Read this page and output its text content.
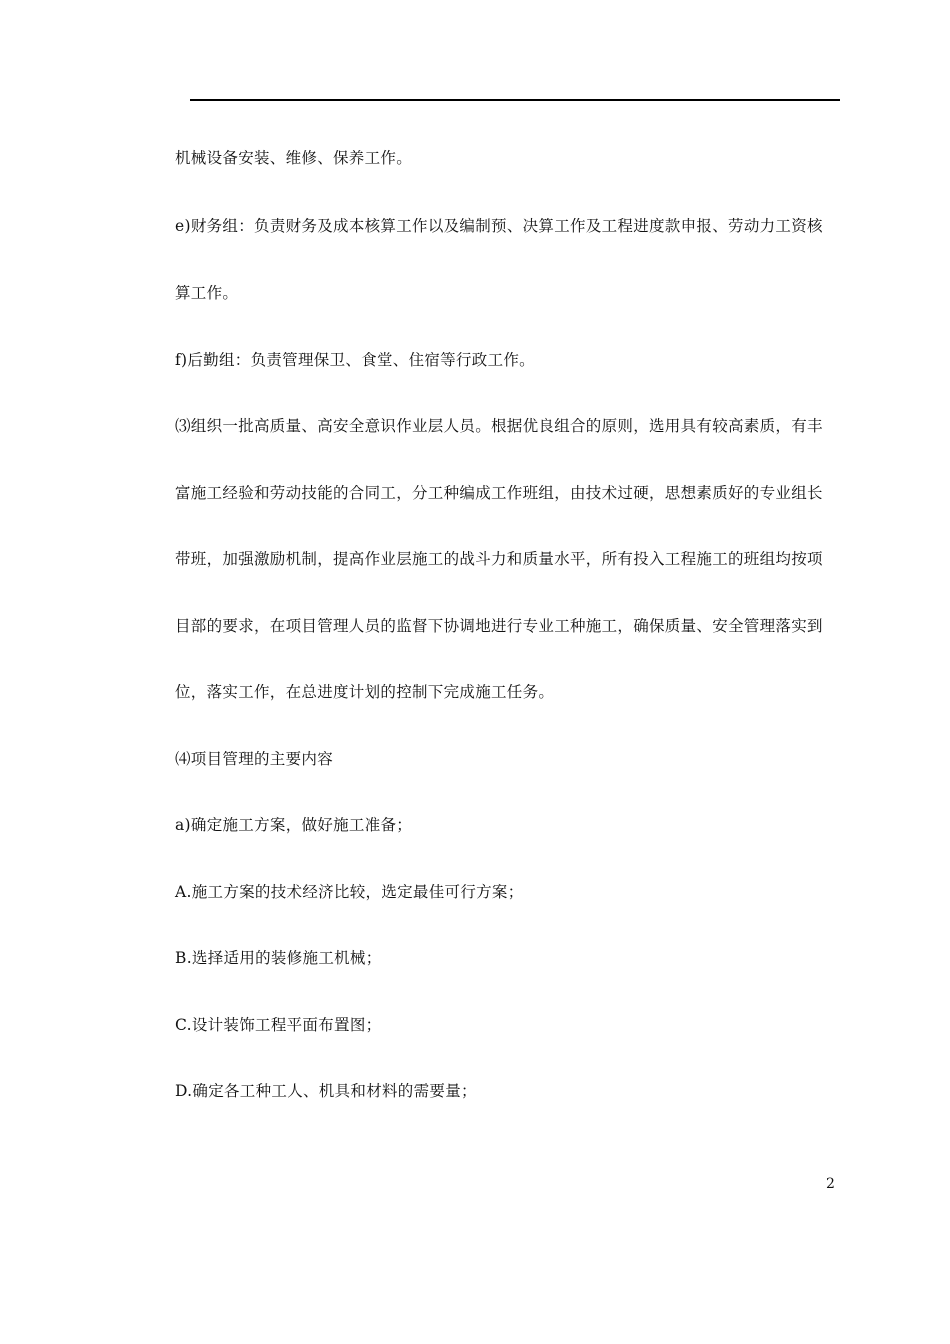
机械设备安装、维修、保养工作。
e)财务组：负责财务及成本核算工作以及编制预、决算工作及工程进度款申报、劳动力工资核
算工作。
f)后勤组：负责管理保卫、食堂、住宿等行政工作。
⑶组织一批高质量、高安全意识作业层人员。根据优良组合的原则，选用具有较高素质，有丰
富施工经验和劳动技能的合同工，分工种编成工作班组，由技术过硬，思想素质好的专业组长
带班，加强激励机制，提高作业层施工的战斗力和质量水平，所有投入工程施工的班组均按项
目部的要求，在项目管理人员的监督下协调地进行专业工种施工，确保质量、安全管理落实到
位，落实工作，在总进度计划的控制下完成施工任务。
⑷项目管理的主要内容
a)确定施工方案，做好施工准备；
A.施工方案的技术经济比较，选定最佳可行方案；
B.选择适用的装修施工机械；
C.设计装饰工程平面布置图；
D.确定各工种工人、机具和材料的需要量；
2
